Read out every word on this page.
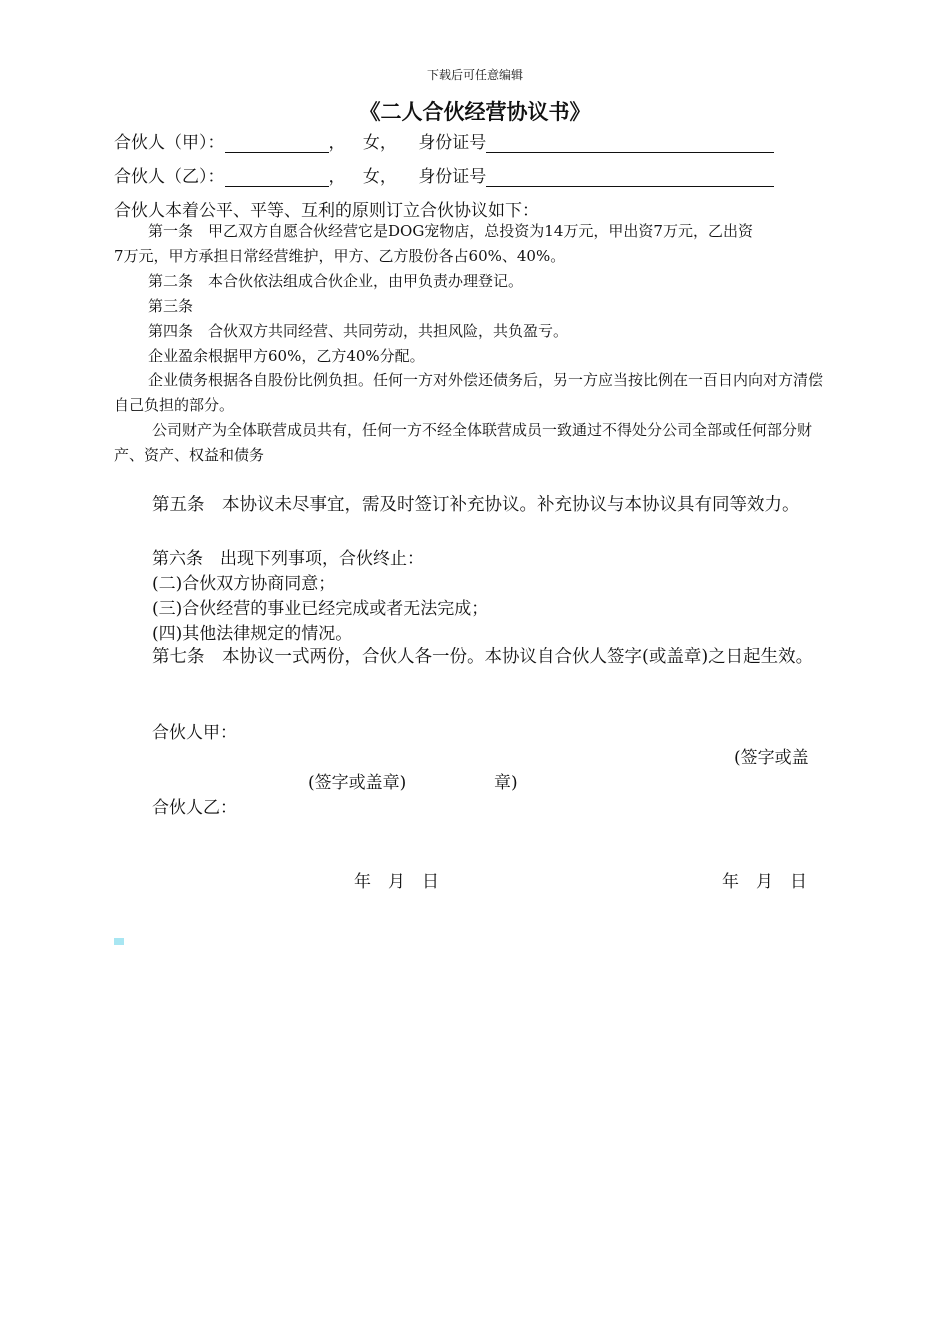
下载后可任意编辑
《二人合伙经营协议书》
合伙人（甲）：	， 女， 身份证号
合伙人（乙）：	， 女， 身份证号
合伙人本着公平、平等、互利的原则订立合伙协议如下：
第一条　甲乙双方自愿合伙经营它是DOG宠物店，总投资为14万元，甲出资7万元，乙出资
7万元，甲方承担日常经营维护，甲方、乙方股份各占60%、40%。
第二条　本合伙依法组成合伙企业，由甲负责办理登记。
第三条
第四条　合伙双方共同经营、共同劳动，共担风险，共负盈亏。
企业盈余根据甲方60%，乙方40%分配。
企业债务根据各自股份比例负担。任何一方对外偿还债务后，另一方应当按比例在一百日内向对方清偿自己负担的部分。
公司财产为全体联营成员共有，任何一方不经全体联营成员一致通过不得处分公司全部或任何部分财产、资产、权益和债务
第五条　本协议未尽事宜，需及时签订补充协议。补充协议与本协议具有同等效力。
第六条　出现下列事项，合伙终止：
(二)合伙双方协商同意；
(三)合伙经营的事业已经完成或者无法完成；
(四)其他法律规定的情况。
第七条　本协议一式两份，合伙人各一份。本协议自合伙人签字(或盖章)之日起生效。
合伙人甲：
(签字或盖
(签字或盖章)	章)
合伙人乙：
年　月　日	年　月　日
